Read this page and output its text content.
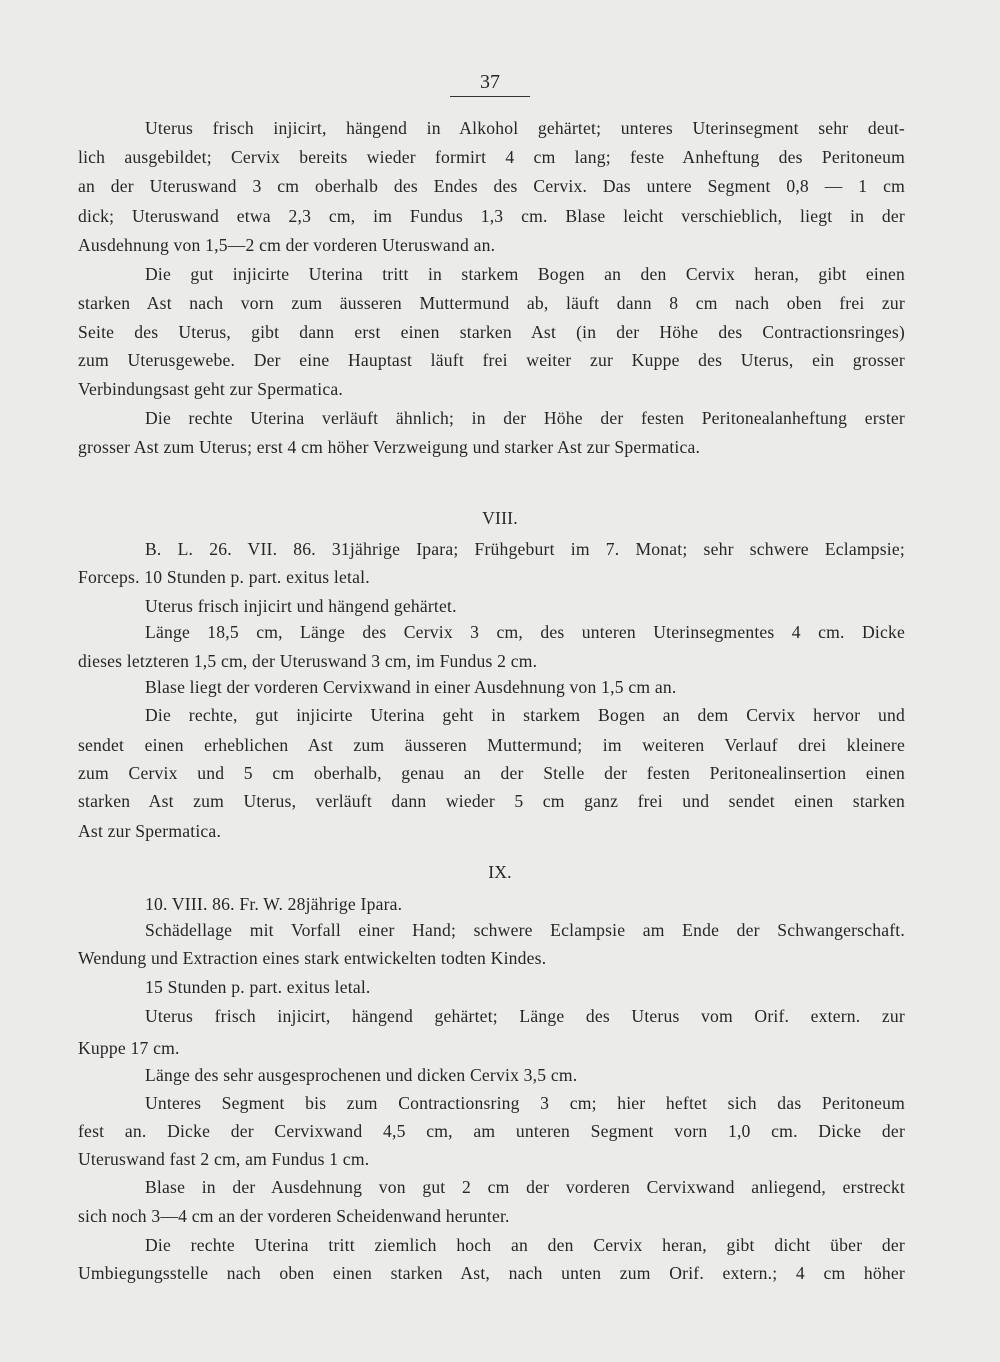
37
Uterus frisch injicirt, hängend in Alkohol gehärtet; unteres Uterinsegment sehr deut-
lich ausgebildet; Cervix bereits wieder formirt 4 cm lang; feste Anheftung des Peritoneum
an der Uteruswand 3 cm oberhalb des Endes des Cervix. Das untere Segment 0,8 — 1 cm
dick; Uteruswand etwa 2,3 cm, im Fundus 1,3 cm. Blase leicht verschieblich, liegt in der
Ausdehnung von 1,5—2 cm der vorderen Uteruswand an.
Die gut injicirte Uterina tritt in starkem Bogen an den Cervix heran, gibt einen
starken Ast nach vorn zum äusseren Muttermund ab, läuft dann 8 cm nach oben frei zur
Seite des Uterus, gibt dann erst einen starken Ast (in der Höhe des Contractionsringes)
zum Uterusgewebe. Der eine Hauptast läuft frei weiter zur Kuppe des Uterus, ein grosser
Verbindungsast geht zur Spermatica.
Die rechte Uterina verläuft ähnlich; in der Höhe der festen Peritonealanheftung erster
grosser Ast zum Uterus; erst 4 cm höher Verzweigung und starker Ast zur Spermatica.
VIII.
B. L. 26. VII. 86. 31jährige Ipara; Frühgeburt im 7. Monat; sehr schwere Eclampsie;
Forceps. 10 Stunden p. part. exitus letal.
Uterus frisch injicirt und hängend gehärtet.
Länge 18,5 cm, Länge des Cervix 3 cm, des unteren Uterinsegmentes 4 cm. Dicke
dieses letzteren 1,5 cm, der Uteruswand 3 cm, im Fundus 2 cm.
Blase liegt der vorderen Cervixwand in einer Ausdehnung von 1,5 cm an.
Die rechte, gut injicirte Uterina geht in starkem Bogen an dem Cervix hervor und
sendet einen erheblichen Ast zum äusseren Muttermund; im weiteren Verlauf drei kleinere
zum Cervix und 5 cm oberhalb, genau an der Stelle der festen Peritonealinsertion einen
starken Ast zum Uterus, verläuft dann wieder 5 cm ganz frei und sendet einen starken
Ast zur Spermatica.
IX.
10. VIII. 86. Fr. W. 28jährige Ipara.
Schädellage mit Vorfall einer Hand; schwere Eclampsie am Ende der Schwangerschaft.
Wendung und Extraction eines stark entwickelten todten Kindes.
15 Stunden p. part. exitus letal.
Uterus frisch injicirt, hängend gehärtet; Länge des Uterus vom Orif. extern. zur
Kuppe 17 cm.
Länge des sehr ausgesprochenen und dicken Cervix 3,5 cm.
Unteres Segment bis zum Contractionsring 3 cm; hier heftet sich das Peritoneum
fest an. Dicke der Cervixwand 4,5 cm, am unteren Segment vorn 1,0 cm. Dicke der
Uteruswand fast 2 cm, am Fundus 1 cm.
Blase in der Ausdehnung von gut 2 cm der vorderen Cervixwand anliegend, erstreckt
sich noch 3—4 cm an der vorderen Scheidenwand herunter.
Die rechte Uterina tritt ziemlich hoch an den Cervix heran, gibt dicht über der
Umbiegungsstelle nach oben einen starken Ast, nach unten zum Orif. extern.; 4 cm höher
